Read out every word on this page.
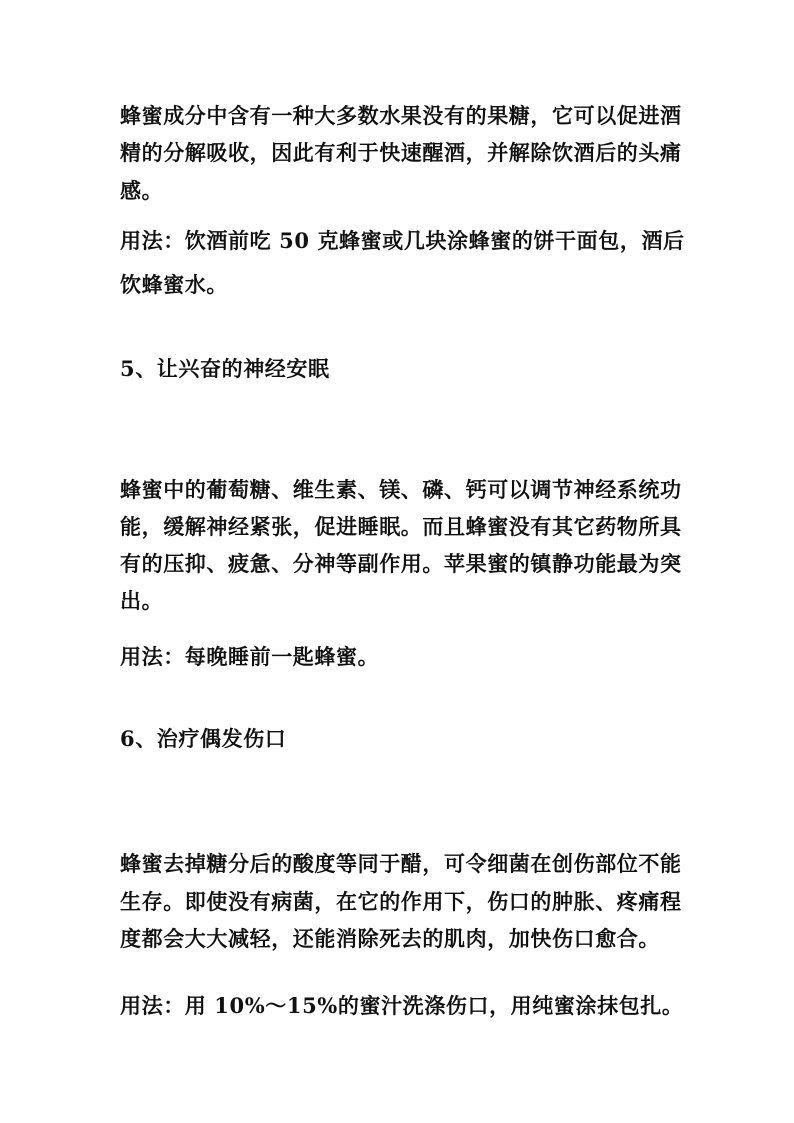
蜂蜜成分中含有一种大多数水果没有的果糖，它可以促进酒
精的分解吸收，因此有利于快速醒酒，并解除饮酒后的头痛
感。
用法：饮酒前吃 50 克蜂蜜或几块涂蜂蜜的饼干面包，酒后
饮蜂蜜水。
5、让兴奋的神经安眠
蜂蜜中的葡萄糖、维生素、镁、磷、钙可以调节神经系统功
能，缓解神经紧张，促进睡眠。而且蜂蜜没有其它药物所具
有的压抑、疲惫、分神等副作用。苹果蜜的镇静功能最为突
出。
用法：每晚睡前一匙蜂蜜。
6、治疗偶发伤口
蜂蜜去掉糖分后的酸度等同于醋，可令细菌在创伤部位不能
生存。即使没有病菌，在它的作用下，伤口的肿胀、疼痛程
度都会大大减轻，还能消除死去的肌肉，加快伤口愈合。
用法：用 10%～15%的蜜汁洗涤伤口，用纯蜜涂抹包扎。
